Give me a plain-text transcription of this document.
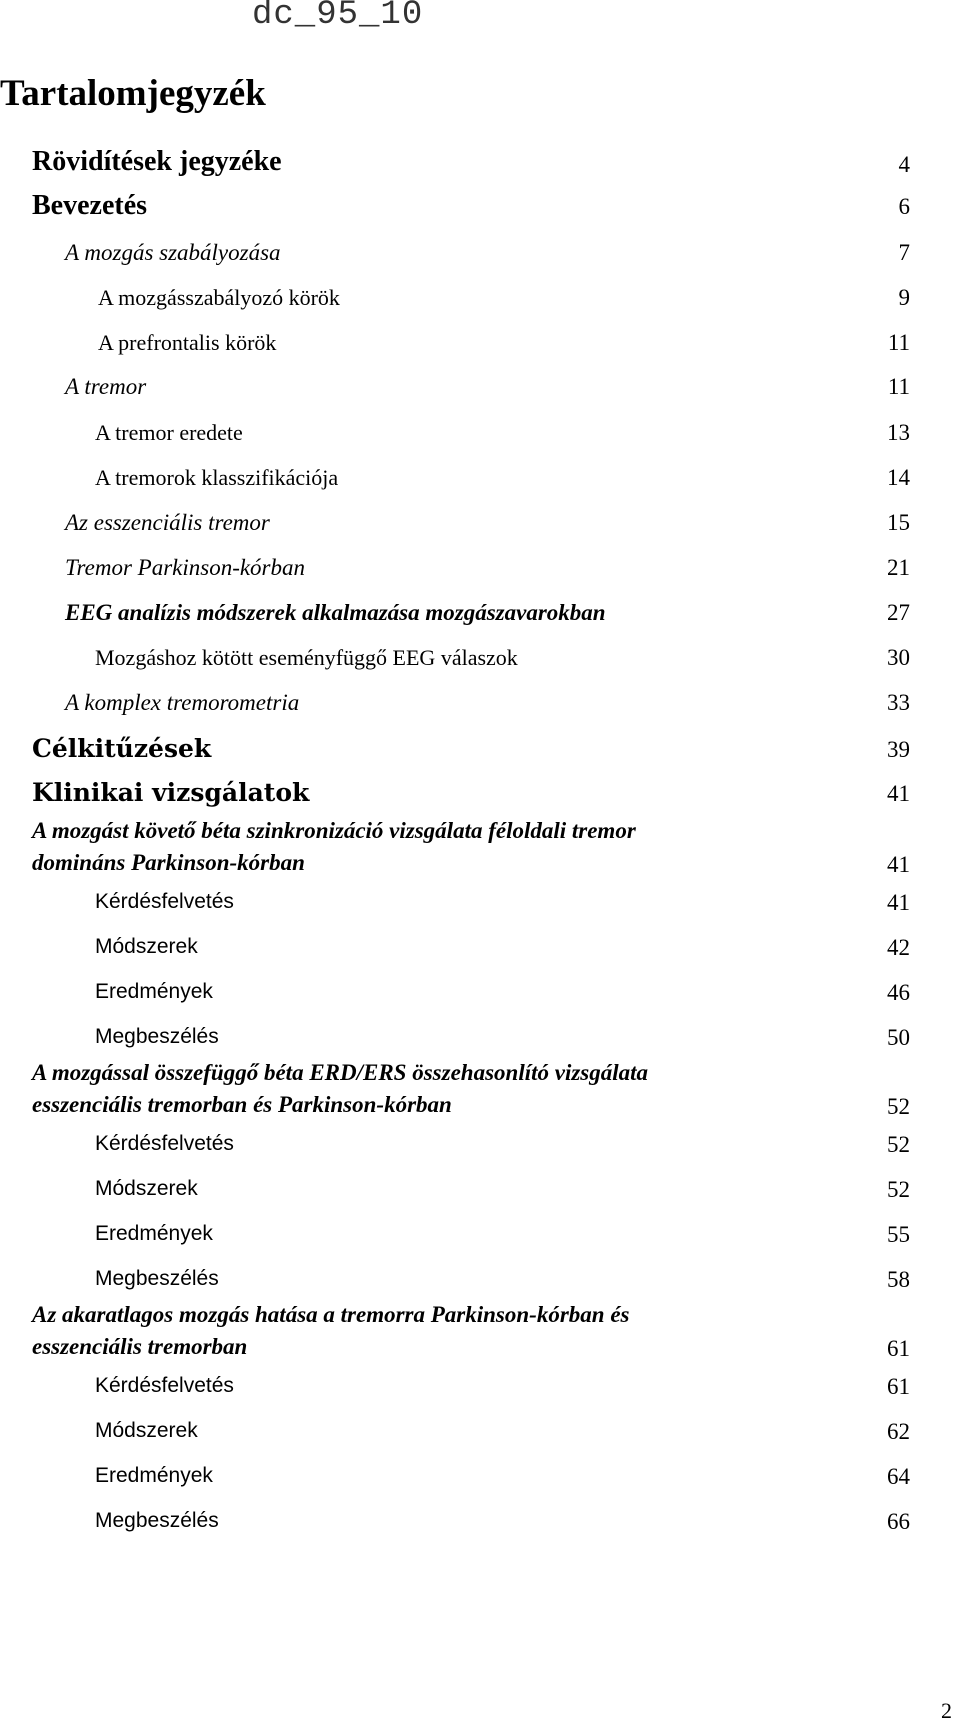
dc_95_10
Tartalomjegyzék
Rövidítések jegyzéke	4
Bevezetés	6
A mozgás szabályozása	7
A mozgásszabályozó körök	9
A prefrontalis körök	11
A tremor	11
A tremor eredete	13
A tremorok klasszifikációja	14
Az esszenciális tremor	15
Tremor Parkinson-kórban	21
EEG analízis módszerek alkalmazása mozgászavarokban	27
Mozgáshoz kötött eseményfüggő EEG válaszok	30
A komplex tremorometria	33
Célkitűzések	39
Klinikai vizsgálatok	41
A mozgást követő béta szinkronizáció vizsgálata féloldali tremor
domináns Parkinson-kórban	41
Kérdésfelvetés	41
Módszerek	42
Eredmények	46
Megbeszélés	50
A mozgással összefüggő béta ERD/ERS összehasonlító vizsgálata
esszenciális tremorban és Parkinson-kórban	52
Kérdésfelvetés	52
Módszerek	52
Eredmények	55
Megbeszélés	58
Az akaratlagos mozgás hatása a tremorra Parkinson-kórban és
esszenciális tremorban	61
Kérdésfelvetés	61
Módszerek	62
Eredmények	64
Megbeszélés	66
2
